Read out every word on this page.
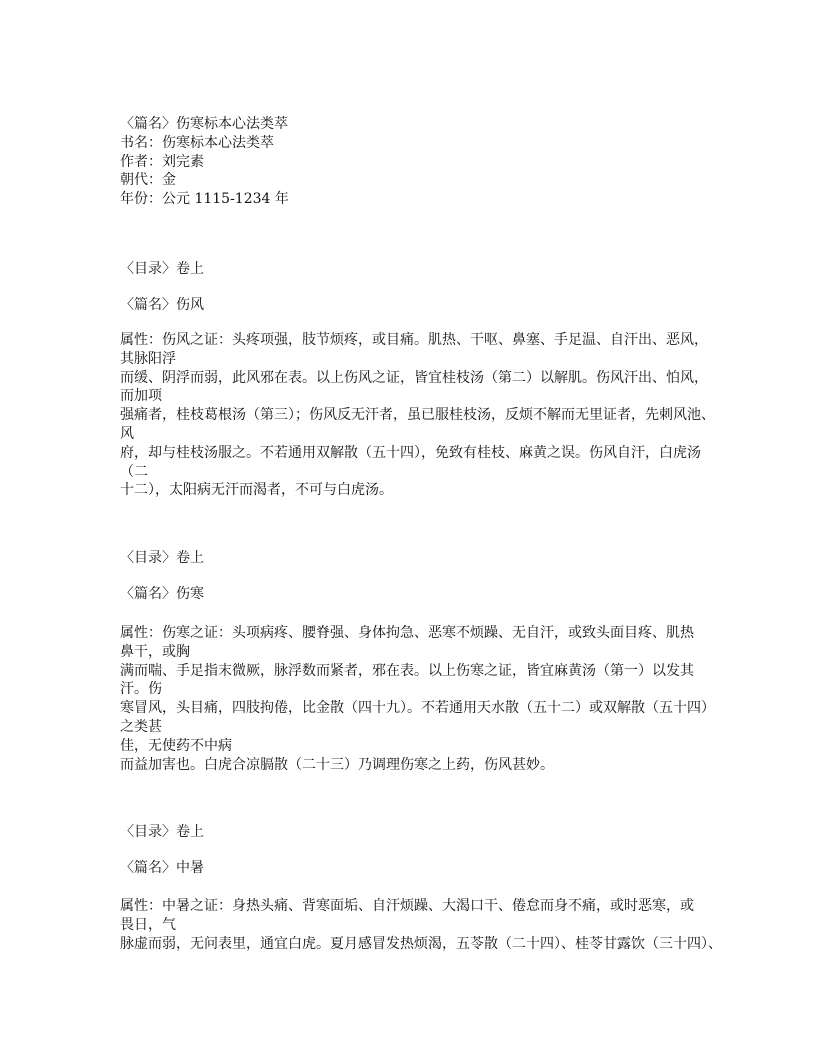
〈篇名〉伤寒标本心法类萃
书名：伤寒标本心法类萃
作者：刘完素
朝代：金
年份：公元 1115-1234 年
〈目录〉卷上
〈篇名〉伤风
属性：伤风之证：头疼项强，肢节烦疼，或目痛。肌热、干呕、鼻塞、手足温、自汗出、恶风，
其脉阳浮
而缓、阴浮而弱，此风邪在表。以上伤风之证，皆宜桂枝汤（第二）以解肌。伤风汗出、怕风，
而加项
强痛者，桂枝葛根汤（第三）；伤风反无汗者，虽已服桂枝汤，反烦不解而无里证者，先刺风池、
风
府，却与桂枝汤服之。不若通用双解散（五十四），免致有桂枝、麻黄之误。伤风自汗，白虎汤
（二
十二），太阳病无汗而渴者，不可与白虎汤。
〈目录〉卷上
〈篇名〉伤寒
属性：伤寒之证：头项病疼、腰脊强、身体拘急、恶寒不烦躁、无自汗，或致头面目疼、肌热
鼻干，或胸
满而喘、手足指末微厥，脉浮数而紧者，邪在表。以上伤寒之证，皆宜麻黄汤（第一）以发其
汗。伤
寒冒风，头目痛，四肢拘倦，比金散（四十九）。不若通用天水散（五十二）或双解散（五十四）
之类甚
佳，无使药不中病
而益加害也。白虎合凉膈散（二十三）乃调理伤寒之上药，伤风甚妙。
〈目录〉卷上
〈篇名〉中暑
属性：中暑之证：身热头痛、背寒面垢、自汗烦躁、大渴口干、倦怠而身不痛，或时恶寒，或
畏日，气
脉虚而弱，无问表里，通宜白虎。夏月感冒发热烦渴，五苓散（二十四）、桂苓甘露饮（三十四）、
